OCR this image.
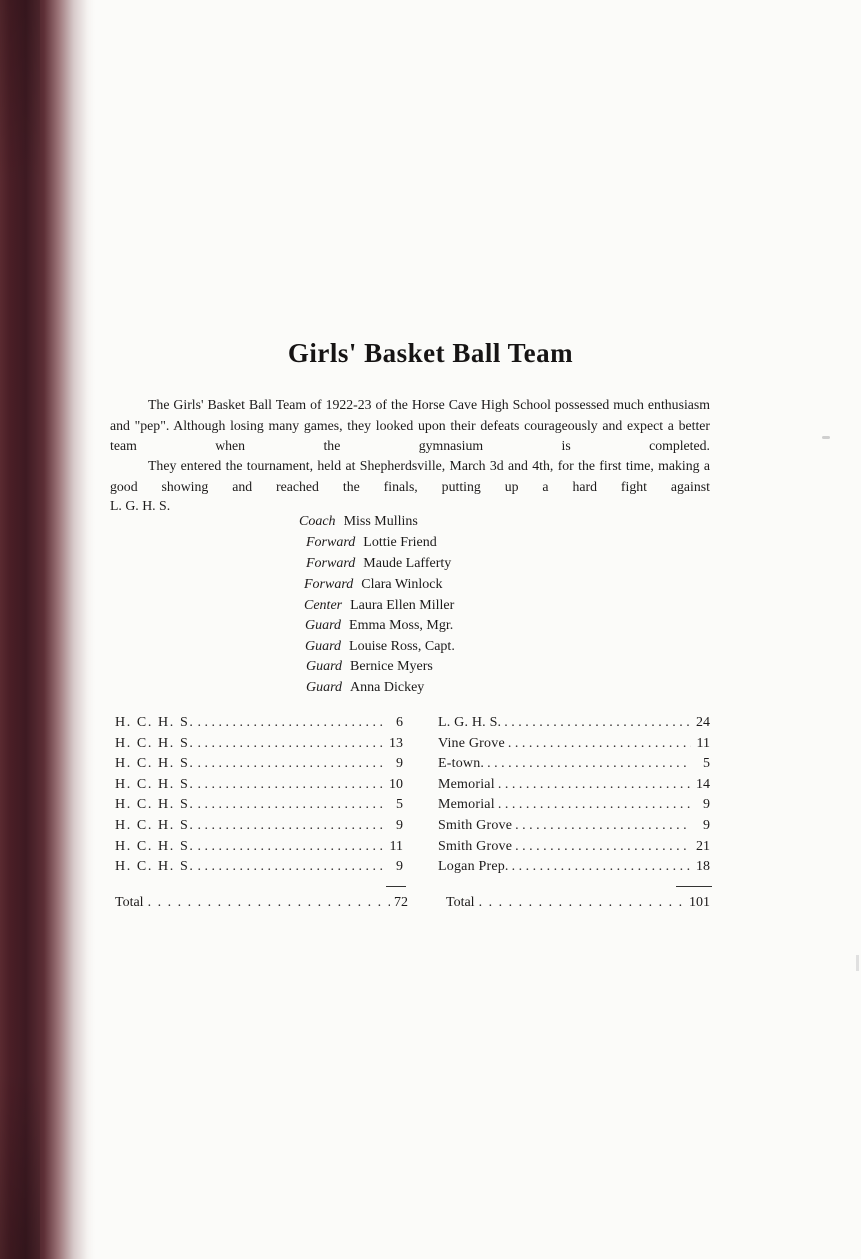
Girls' Basket Ball Team

The Girls' Basket Ball Team of 1922-23 of the Horse Cave High School possessed much enthusiasm and "pep". Although losing many games, they looked upon their defeats courageously and expect a better team when the gymnasium is completed.

They entered the tournament, held at Shepherdsville, March 3d and 4th, for the first time, making a good showing and reached the finals, putting up a hard fight against

L. G. H. S.

Coach Miss Mullins
Forward Lottie Friend
Forward Maude Lafferty
Forward Clara Winlock
Center Laura Ellen Miller
Guard Emma Moss, Mgr.
Guard Louise Ross, Capt.
Guard Bernice Myers
Guard Anna Dickey
H. C. H. S. . . .	6
H. C. H. S. . . .	13
H. C. H. S. . . .	9
H. C. H. S. . . .	10
H. C. H. S. . . .	5
H. C. H. S. . . .	9
H. C. H. S. . . .	11
H. C. H. S. . . .	9
L. G. H. S. . . .	24
Vine Grove . . .	11
E-town. . . .	5
Memorial . . .	14
Memorial . . .	9
Smith Grove . . .	9
Smith Grove . . .	21
Logan Prep. . . .	18
Total . . .	72	Total . . .	101
